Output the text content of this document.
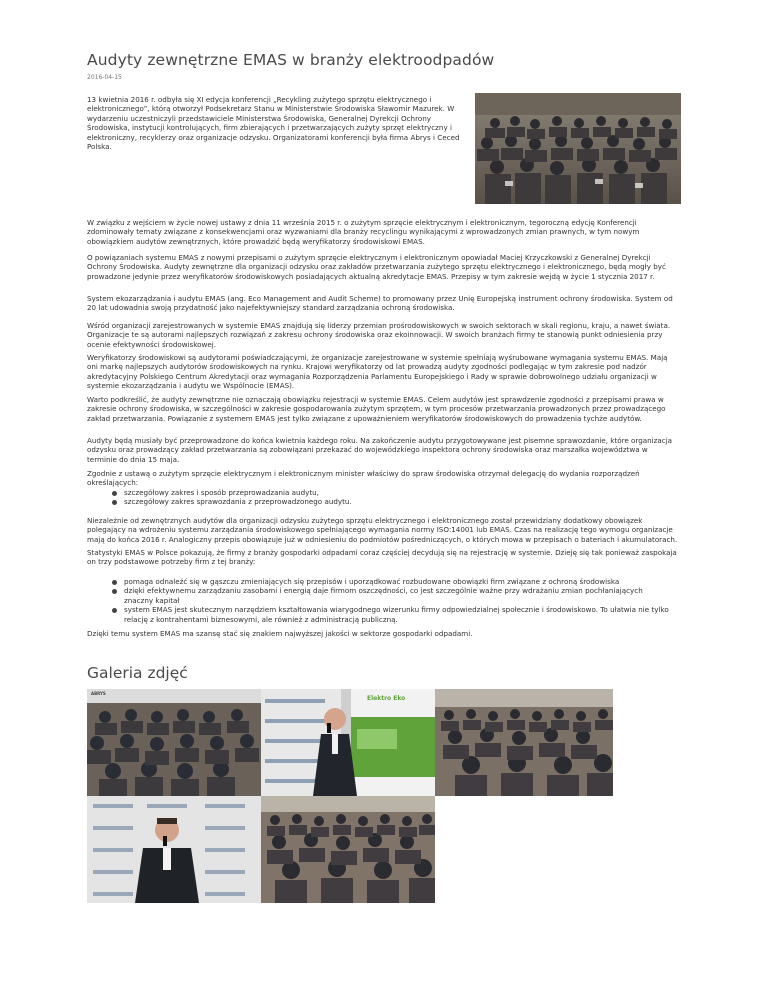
Audyty zewnętrzne EMAS w branży elektroodpadów
2016-04-15

13 kwietnia 2016 r. odbyła się XI edycja konferencji „Recykling zużytego sprzętu elektrycznego i elektronicznego”, którą otworzył Podsekretarz Stanu w Ministerstwie Środowiska Sławomir Mazurek. W wydarzeniu uczestniczyli przedstawiciele Ministerstwa Środowiska, Generalnej Dyrekcji Ochrony Środowiska, instytucji kontrolujących, firm zbierających i przetwarzających zużyty sprzęt elektryczny i elektroniczny, recyklerzy oraz organizacje odzysku. Organizatorami konferencji była firma Abrys i Ceced Polska.

W związku z wejściem w życie nowej ustawy z dnia 11 września 2015 r. o zużytym sprzęcie elektrycznym i elektronicznym, tegoroczną edycję Konferencji zdominowały tematy związane z konsekwencjami oraz wyzwaniami dla branży recyclingu wynikającymi z wprowadzonych zmian prawnych, w tym nowym obowiązkiem audytów zewnętrznych, które prowadzić będą weryfikatorzy środowiskowi EMAS.

O powiązaniach systemu EMAS z nowymi przepisami o zużytym sprzęcie elektrycznym i elektronicznym opowiadał Maciej Krzyczkowski z Generalnej Dyrekcji Ochrony Środowiska. Audyty zewnętrzne dla organizacji odzysku oraz zakładów przetwarzania zużytego sprzętu elektrycznego i elektronicznego, będą mogły być prowadzone jedynie przez weryfikatorów środowiskowych posiadających aktualną akredytacje EMAS. Przepisy w tym zakresie wejdą w życie 1 stycznia 2017 r.

System ekozarządzania i audytu EMAS (ang. Eco Management and Audit Scheme) to promowany przez Unię Europejską instrument ochrony środowiska. System od 20 lat udowadnia swoją przydatność jako najefektywniejszy standard zarządzania ochroną środowiska.

Wśród organizacji zarejestrowanych w systemie EMAS znajdują się liderzy przemian prośrodowiskowych w swoich sektorach w skali regionu, kraju, a nawet świata. Organizacje te są autorami najlepszych rozwiązań z zakresu ochrony środowiska oraz ekoinnowacji. W swoich branżach firmy te stanowią punkt odniesienia przy ocenie efektywności środowiskowej.

Weryfikatorzy środowiskowi są audytorami poświadczającymi, że organizacje zarejestrowane w systemie spełniają wyśrubowane wymagania systemu EMAS. Mają oni markę najlepszych audytorów środowiskowych na rynku. Krajowi weryfikatorzy od lat prowadzą audyty zgodności podlegając w tym zakresie pod nadzór akredytacyjny Polskiego Centrum Akredytacji oraz wymagania Rozporządzenia Parlamentu Europejskiego i Rady w sprawie dobrowolnego udziału organizacji w systemie ekozarządzania i audytu we Wspólnocie (EMAS).

Warto podkreślić, że audyty zewnętrzne nie oznaczają obowiązku rejestracji w systemie EMAS. Celem audytów jest sprawdzenie zgodności z przepisami prawa w zakresie ochrony środowiska, w szczególności w zakresie gospodarowania zużytym sprzętem, w tym procesów przetwarzania prowadzonych przez prowadzącego zakład przetwarzania. Powiązanie z systemem EMAS jest tylko związane z upoważnieniem weryfikatorów środowiskowych do prowadzenia tychże audytów.

Audyty będą musiały być przeprowadzone do końca kwietnia każdego roku. Na zakończenie audytu przygotowywane jest pisemne sprawozdanie, które organizacja odzysku oraz prowadzący zakład przetwarzania są zobowiązani przekazać do wojewódzkiego inspektora ochrony środowiska oraz marszałka województwa w terminie do dnia 15 maja.

Zgodnie z ustawą o zużytym sprzęcie elektrycznym i elektronicznym minister właściwy do spraw środowiska otrzymał delegację do wydania rozporządzeń określających:

szczegółowy zakres i sposób przeprowadzania audytu,
szczegółowy zakres sprawozdania z przeprowadzonego audytu.

Niezależnie od zewnętrznych audytów dla organizacji odzysku zużytego sprzętu elektrycznego i elektronicznego został przewidziany dodatkowy obowiązek polegający na wdrożeniu systemu zarządzania środowiskowego spełniającego wymagania normy ISO:14001 lub EMAS. Czas na realizację tego wymogu organizacje mają do końca 2016 r. Analogiczny przepis obowiązuje już w odniesieniu do podmiotów pośredniczących, o których mowa w przepisach o bateriach i akumulatorach.

Statystyki EMAS w Polsce pokazują, że firmy z branży gospodarki odpadami coraz częściej decydują się na rejestrację w systemie. Dzieję się tak ponieważ zaspokaja on trzy podstawowe potrzeby firm z tej branży:

pomaga odnaleźć się w gąszczu zmieniających się przepisów i uporządkować rozbudowane obowiązki firm związane z ochroną środowiska
dzięki efektywnemu zarządzaniu zasobami i energią daje firmom oszczędności, co jest szczególnie ważne przy wdrażaniu zmian pochłaniających znaczny kapitał
system EMAS jest skutecznym narzędziem kształtowania wiarygodnego wizerunku firmy odpowiedzialnej społecznie i środowiskowo. To ułatwia nie tylko relację z kontrahentami biznesowymi, ale również z administracją publiczną.

Dzięki temu system EMAS ma szansę stać się znakiem najwyższej jakości w sektorze gospodarki odpadami.

Galeria zdjęć
ABRYS
Elektro Eko
